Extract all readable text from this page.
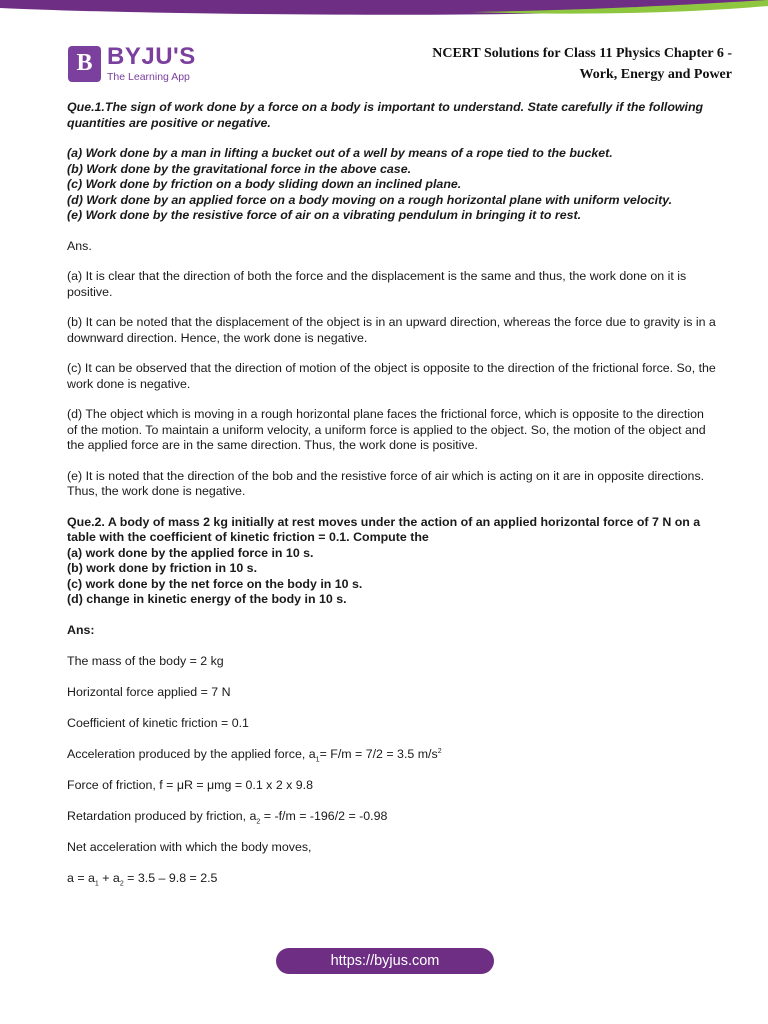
B BYJU'S
The Learning App
NCERT Solutions for Class 11 Physics Chapter 6 -
Work, Energy and Power

Que.1.The sign of work done by a force on a body is important to understand. State carefully if the following quantities are positive or negative.

(a) Work done by a man in lifting a bucket out of a well by means of a rope tied to the bucket.

(b) Work done by the gravitational force in the above case.

(c) Work done by friction on a body sliding down an inclined plane.

(d) Work done by an applied force on a body moving on a rough horizontal plane with uniform velocity.

(e) Work done by the resistive force of air on a vibrating pendulum in bringing it to rest.

Ans.

(a) It is clear that the direction of both the force and the displacement is the same and thus, the work done on it is positive.

(b) It can be noted that the displacement of the object is in an upward direction, whereas the force due to gravity is in a downward direction. Hence, the work done is negative.

(c) It can be observed that the direction of motion of the object is opposite to the direction of the frictional force. So, the work done is negative.

(d) The object which is moving in a rough horizontal plane faces the frictional force, which is opposite to the direction of the motion. To maintain a uniform velocity, a uniform force is applied to the object. So, the motion of the object and the applied force are in the same direction. Thus, the work done is positive.

(e) It is noted that the direction of the bob and the resistive force of air which is acting on it are in opposite directions. Thus, the work done is negative.

Que.2. A body of mass 2 kg initially at rest moves under the action of an applied horizontal force of 7 N on a table with the coefficient of kinetic friction = 0.1. Compute the

(a) work done by the applied force in 10 s.

(b) work done by friction in 10 s.

(c) work done by the net force on the body in 10 s.

(d) change in kinetic energy of the body in 10 s.

Ans:

The mass of the body = 2 kg

Horizontal force applied = 7 N

Coefficient of kinetic friction = 0.1

Acceleration produced by the applied force, $a_1= F/m = 7/2 = 3.5$ $m/s^2$

Force of friction, f = μR = μmg = 0.1 x 2 x 9.8

Retardation produced by friction, $a_2 = -f/m = -196/2 = -0.98$

Net acceleration with which the body moves,

$a = a_1 + a_2 = 3.5 - 9.8 = 2.5$

https://byjus.com
